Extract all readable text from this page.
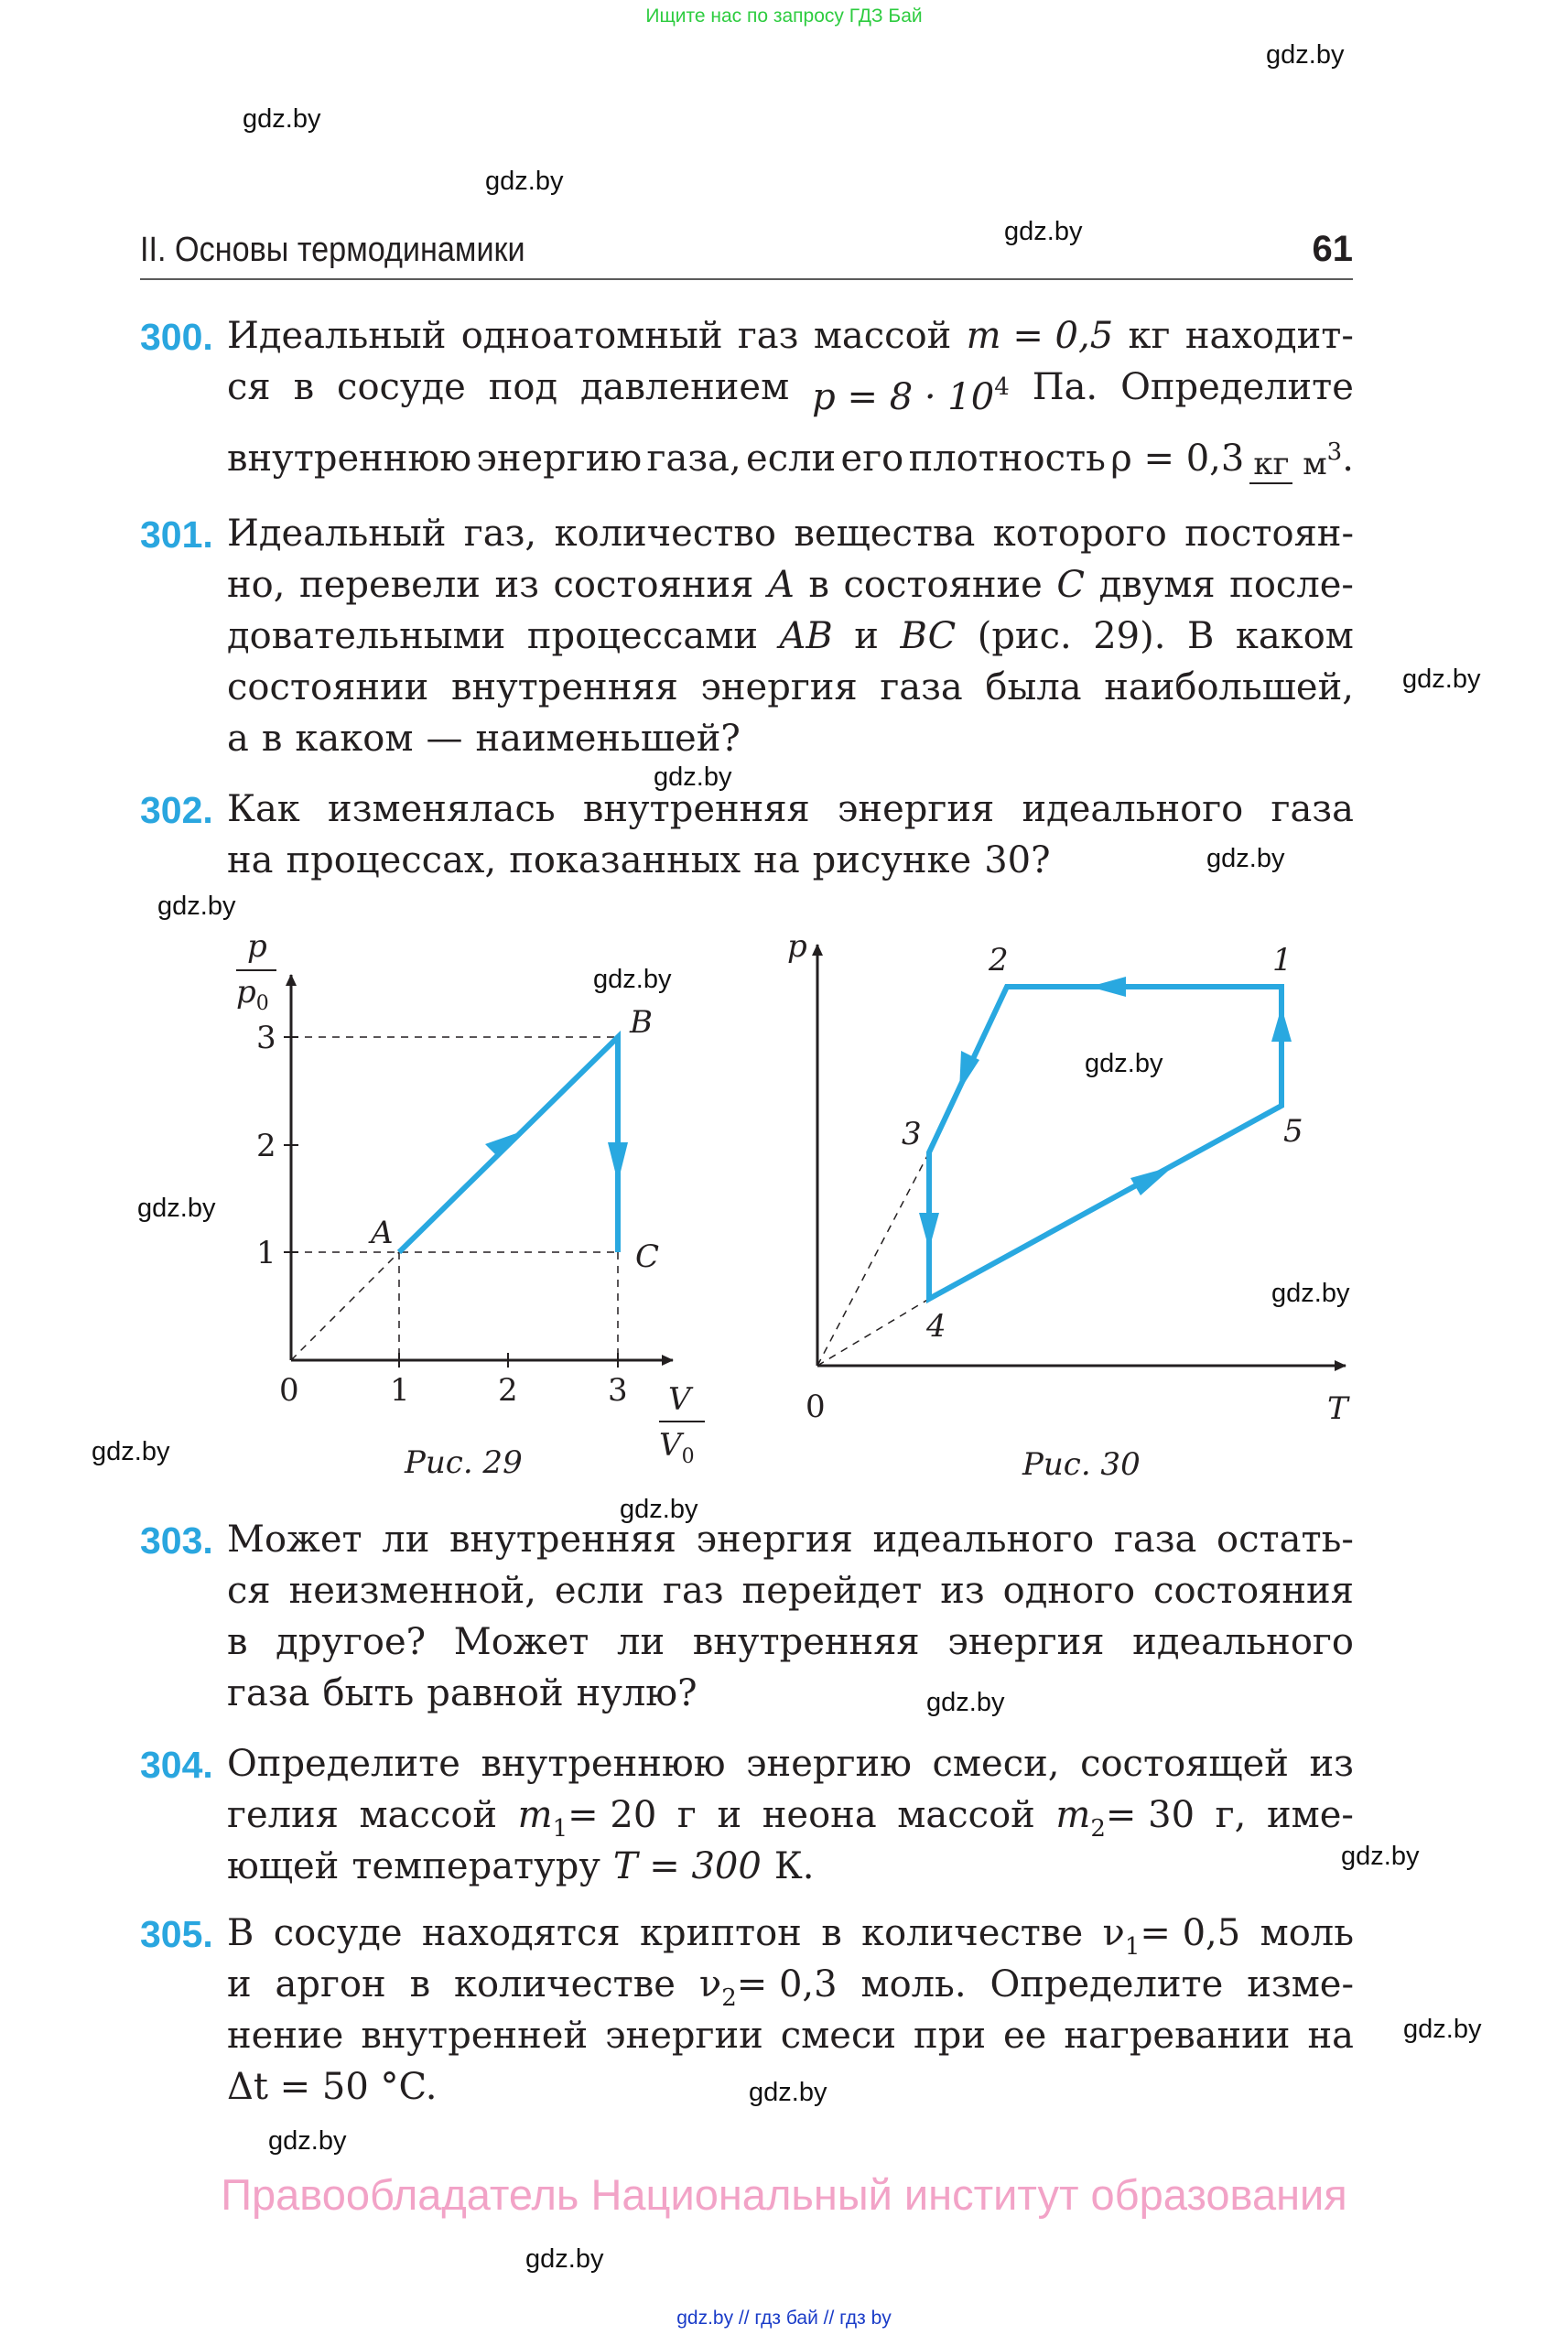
Ищите нас по запросу ГДЗ Бай
gdz.by
gdz.by
gdz.by
gdz.by
gdz.by
gdz.by
gdz.by
gdz.by
gdz.by
gdz.by
gdz.by
gdz.by
gdz.by
gdz.by
gdz.by
gdz.by
gdz.by
gdz.by
gdz.by
gdz.by
II. Основы термодинамики	61
300. Идеальный одноатомный газ массой m = 0,5 кг находит-
ся в сосуде под давлением $p = 8 \cdot 10^4$ Па. Определите
внутреннюю энергию газа, если его плотность ρ = 0,3 кг $м^3$ .
301. Идеальный газ, количество вещества которого постоян-
но, перевели из состояния A в состояние C двумя после-
довательными процессами AB и BC (рис. 29). В каком
состоянии внутренняя энергия газа была наибольшей,
а в каком — наименьшей?
302. Как изменялась внутренняя энергия идеального газа
на процессах, показанных на рисунке 30?
0	1	2	3
1
2
3
A
B
C
p
$p_0$
V
$V_0$
Рис. 29
1
2
3
4
5
p
T
0
Рис. 30
303. Может ли внутренняя энергия идеального газа остать-
ся неизменной, если газ перейдет из одного состояния
в другое? Может ли внутренняя энергия идеального
газа быть равной нулю?
304. Определите внутреннюю энергию смеси, состоящей из
гелия массой $m_1= 20$ г и неона массой $m_2= 30$ г, име-
ющей температуру T = 300 К.
305. В сосуде находятся криптон в количестве $\nu_1= 0,5$ моль
и аргон в количестве $\nu_2= 0,3$ моль. Определите изме-
нение внутренней энергии смеси при ее нагревании на
Δt = 50 °C.
Правообладатель Национальный институт образования
gdz.by // гдз бай // гдз by
